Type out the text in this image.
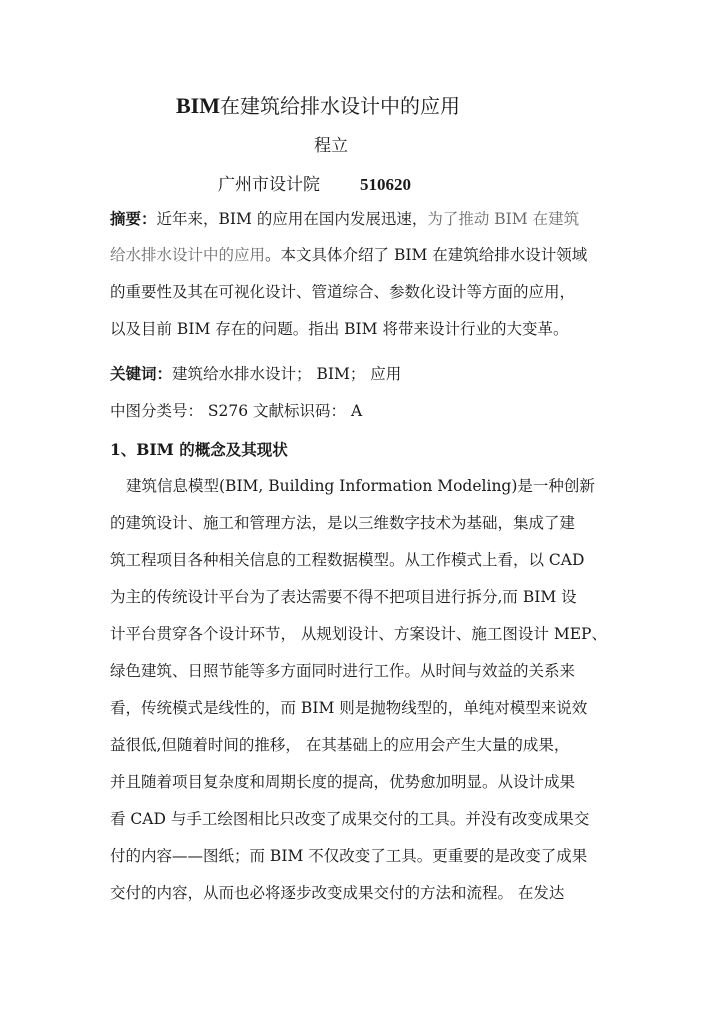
BIM在建筑给排水设计中的应用
程立
广州市设计院 510620
摘要：近年来，BIM 的应用在国内发展迅速，为了推动 BIM 在建筑
给水排水设计中的应用。本文具体介绍了 BIM 在建筑给排水设计领域
的重要性及其在可视化设计、管道综合、参数化设计等方面的应用，
以及目前 BIM 存在的问题。指出 BIM 将带来设计行业的大变革。
关键词：建筑给水排水设计； BIM； 应用
中图分类号： S276 文献标识码： A
1、BIM 的概念及其现状
建筑信息模型(BIM, Building Information Modeling)是一种创新
的建筑设计、施工和管理方法，是以三维数字技术为基础，集成了建
筑工程项目各种相关信息的工程数据模型。从工作模式上看，以 CAD
为主的传统设计平台为了表达需要不得不把项目进行拆分,而 BIM 设
计平台贯穿各个设计环节， 从规划设计、方案设计、施工图设计 MEP、
绿色建筑、日照节能等多方面同时进行工作。从时间与效益的关系来
看，传统模式是线性的，而 BIM 则是抛物线型的，单纯对模型来说效
益很低,但随着时间的推移， 在其基础上的应用会产生大量的成果，
并且随着项目复杂度和周期长度的提高，优势愈加明显。从设计成果
看 CAD 与手工绘图相比只改变了成果交付的工具。并没有改变成果交
付的内容——图纸；而 BIM 不仅改变了工具。更重要的是改变了成果
交付的内容，从而也必将逐步改变成果交付的方法和流程。 在发达
